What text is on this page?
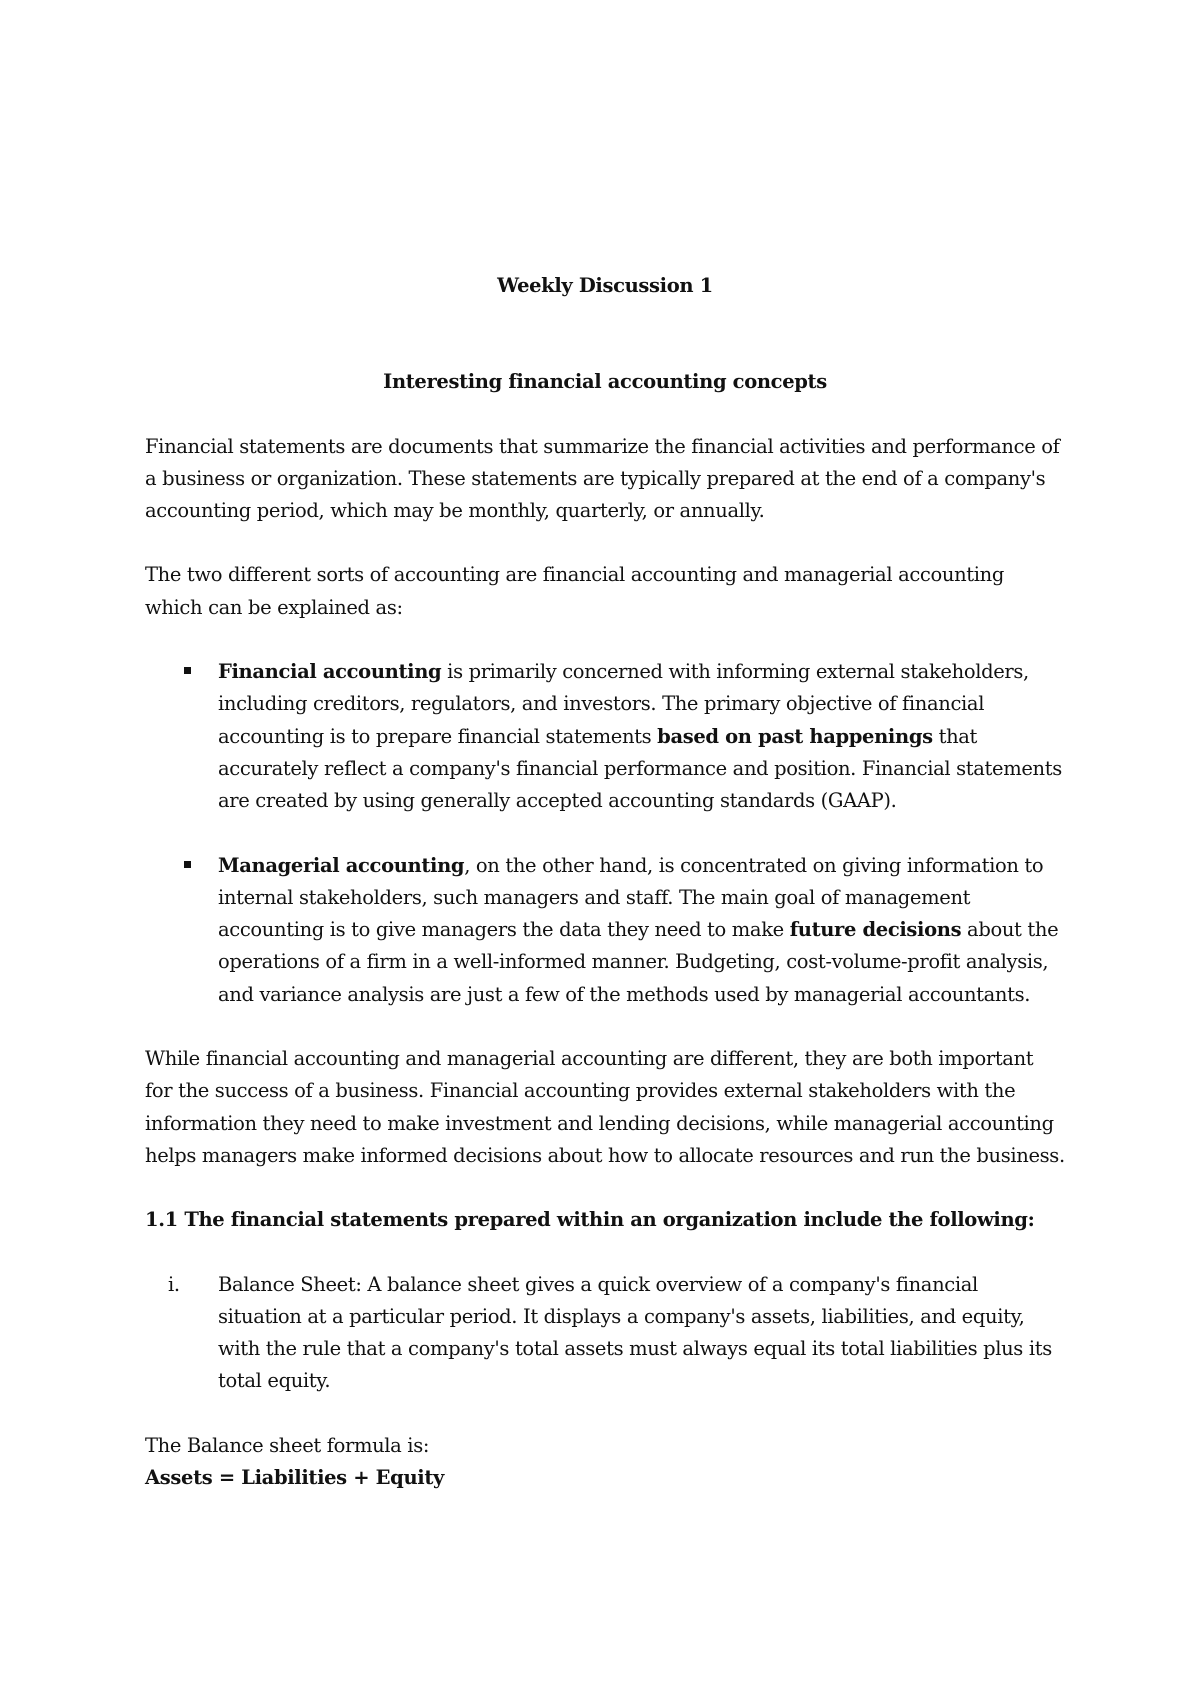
Weekly Discussion 1

Interesting financial accounting concepts

Financial statements are documents that summarize the financial activities and performance of a business or organization. These statements are typically prepared at the end of a company's accounting period, which may be monthly, quarterly, or annually.

The two different sorts of accounting are financial accounting and managerial accounting which can be explained as:

Financial accounting is primarily concerned with informing external stakeholders, including creditors, regulators, and investors. The primary objective of financial accounting is to prepare financial statements based on past happenings that accurately reflect a company's financial performance and position. Financial statements are created by using generally accepted accounting standards (GAAP).
Managerial accounting, on the other hand, is concentrated on giving information to internal stakeholders, such managers and staff. The main goal of management accounting is to give managers the data they need to make future decisions about the operations of a firm in a well-informed manner. Budgeting, cost-volume-profit analysis, and variance analysis are just a few of the methods used by managerial accountants.

While financial accounting and managerial accounting are different, they are both important for the success of a business. Financial accounting provides external stakeholders with the information they need to make investment and lending decisions, while managerial accounting helps managers make informed decisions about how to allocate resources and run the business.

1.1 The financial statements prepared within an organization include the following:

i. Balance Sheet: A balance sheet gives a quick overview of a company's financial situation at a particular period. It displays a company's assets, liabilities, and equity, with the rule that a company's total assets must always equal its total liabilities plus its total equity.

The Balance sheet formula is:

Assets = Liabilities + Equity
